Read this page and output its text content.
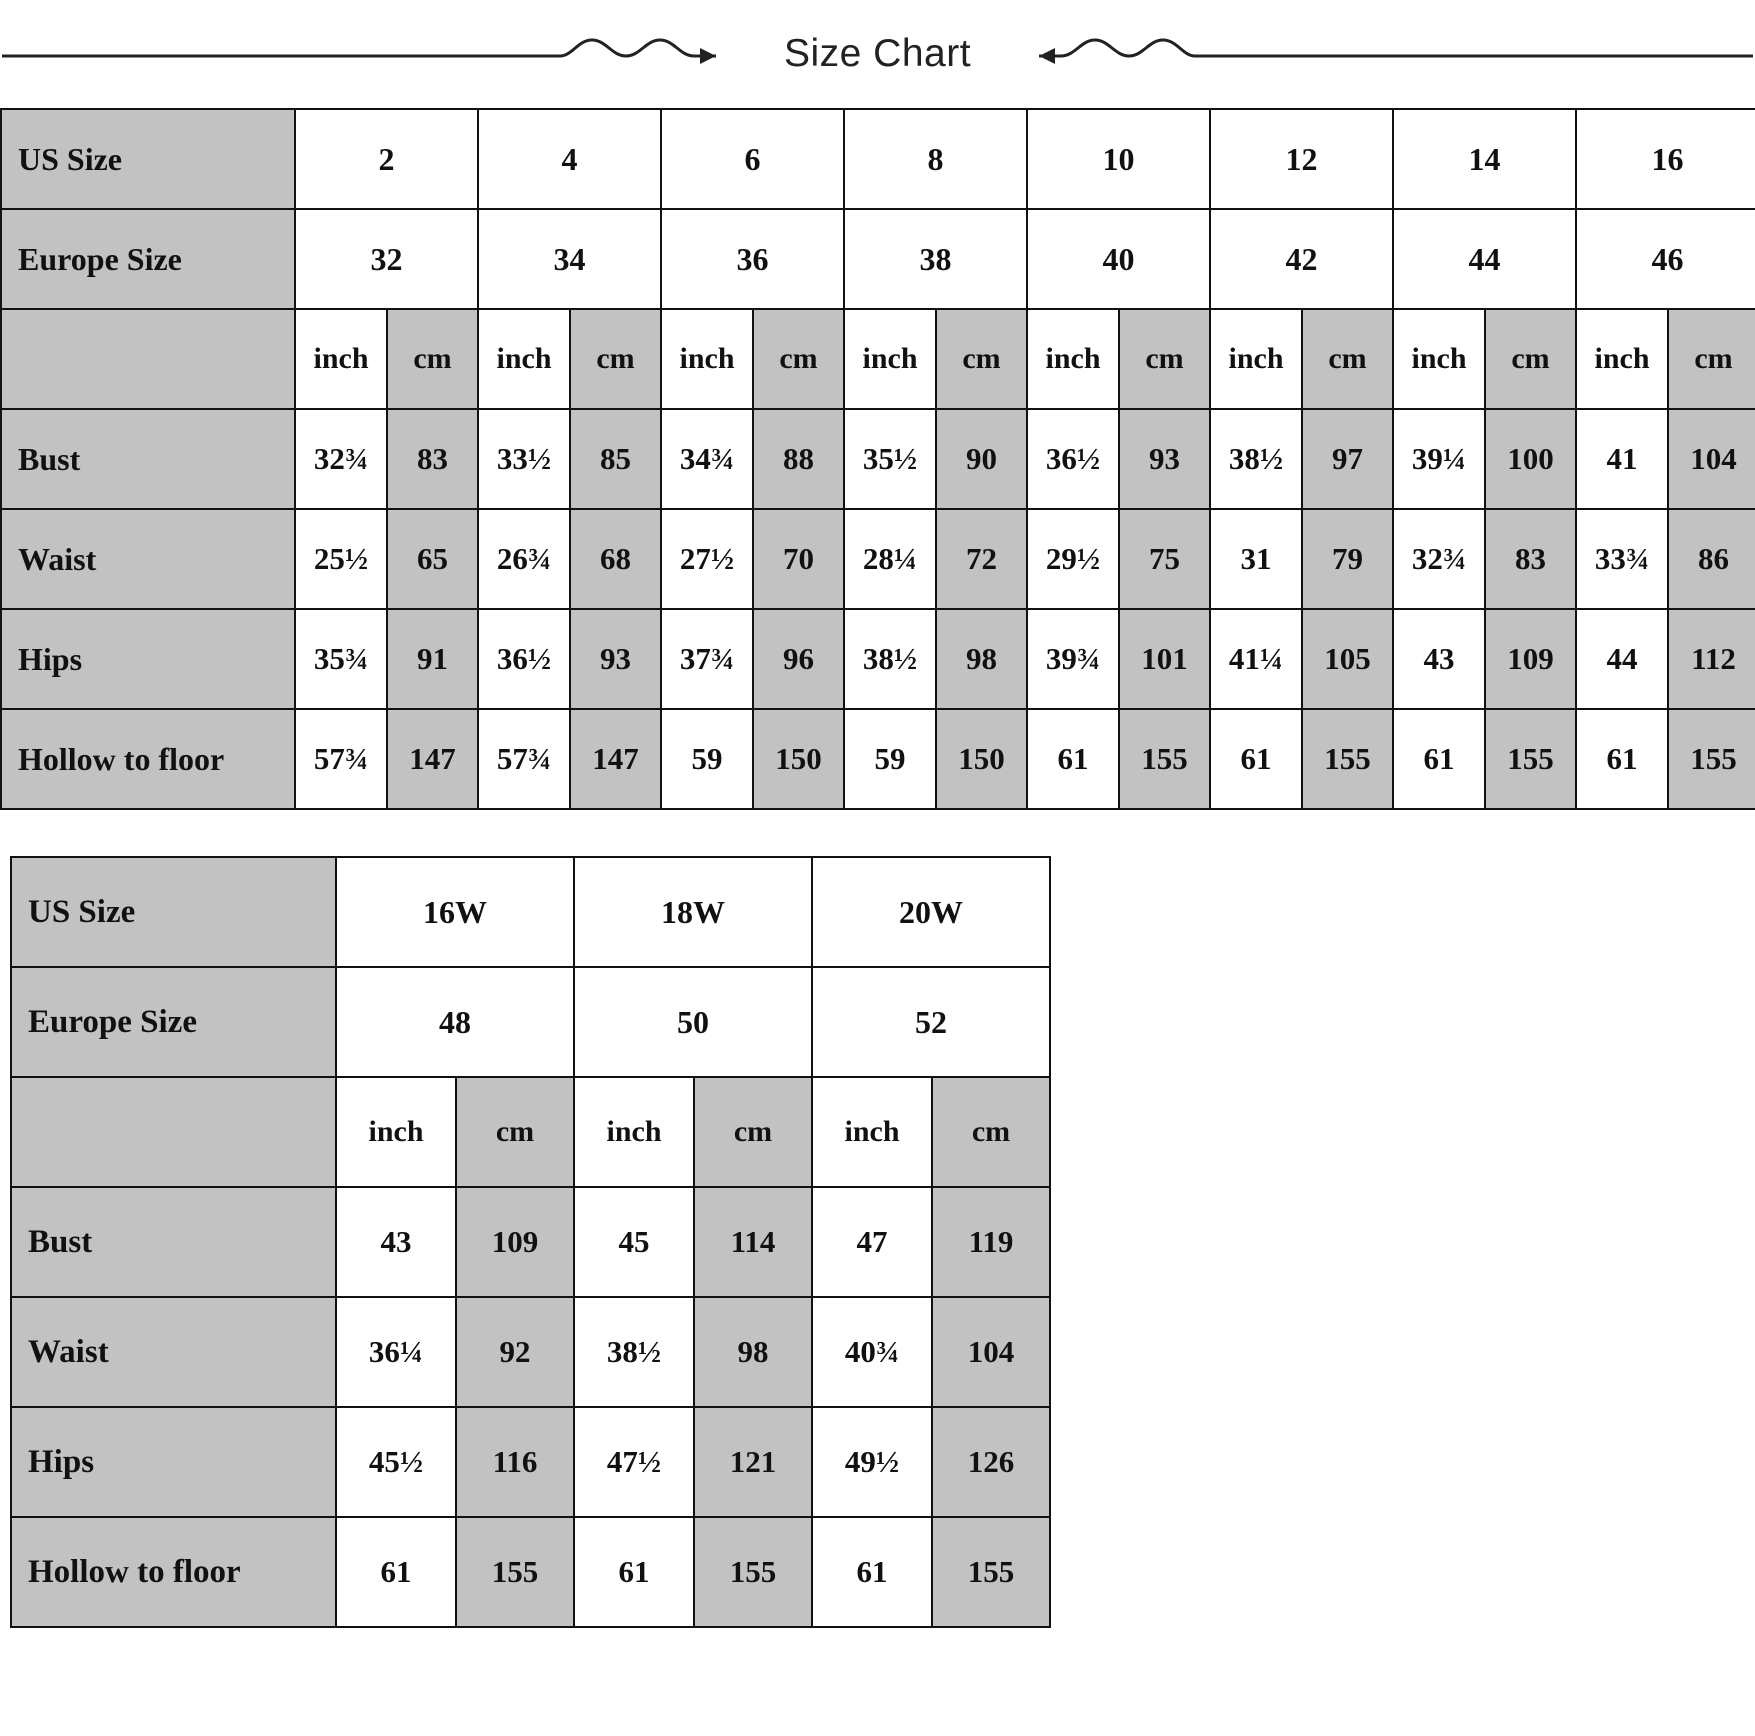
Size Chart
US Size	2		4		6		8		10		12		14		16	
Europe Size	32		34		36		38		40		42		44		46	
	inch	cm	inch	cm	inch	cm	inch	cm	inch	cm	inch	cm	inch	cm	inch	cm
Bust	32¾	83	33½	85	34¾	88	35½	90	36½	93	38½	97	39¼	100	41	104
Waist	25½	65	26¾	68	27½	70	28¼	72	29½	75	31	79	32¾	83	33¾	86
Hips	35¾	91	36½	93	37¾	96	38½	98	39¾	101	41¼	105	43	109	44	112
Hollow to floor	57¾	147	57¾	147	59	150	59	150	61	155	61	155	61	155	61	155
US Size	16W		18W		20W	
Europe Size	48		50		52	
	inch	cm	inch	cm	inch	cm
Bust	43	109	45	114	47	119
Waist	36¼	92	38½	98	40¾	104
Hips	45½	116	47½	121	49½	126
Hollow to floor	61	155	61	155	61	155
